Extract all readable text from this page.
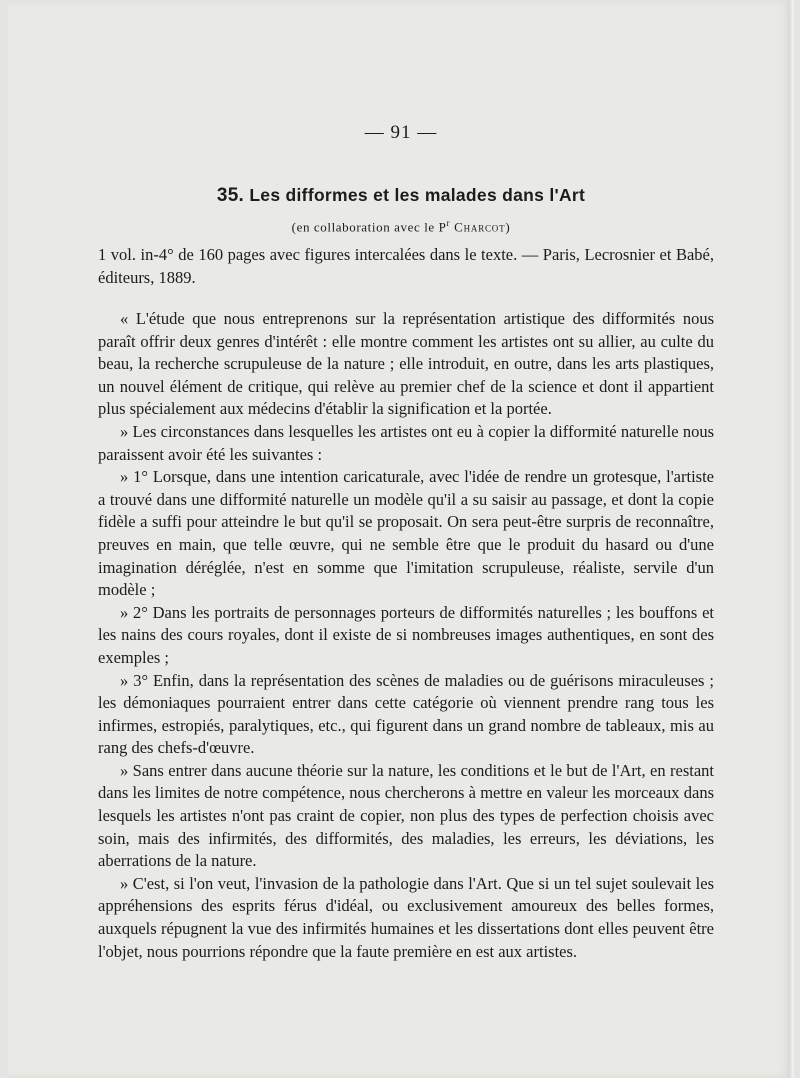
— 91 —
35. Les difformes et les malades dans l'Art
(en collaboration avec le $P^r$ Charcot)

1 vol. in-4° de 160 pages avec figures intercalées dans le texte. — Paris, Lecrosnier et Babé, éditeurs, 1889.

« L'étude que nous entreprenons sur la représentation artistique des difformités nous paraît offrir deux genres d'intérêt : elle montre comment les artistes ont su allier, au culte du beau, la recherche scrupuleuse de la nature ; elle introduit, en outre, dans les arts plastiques, un nouvel élément de critique, qui relève au premier chef de la science et dont il appartient plus spécialement aux médecins d'établir la signification et la portée.

» Les circonstances dans lesquelles les artistes ont eu à copier la difformité naturelle nous paraissent avoir été les suivantes :

» 1° Lorsque, dans une intention caricaturale, avec l'idée de rendre un grotesque, l'artiste a trouvé dans une difformité naturelle un modèle qu'il a su saisir au passage, et dont la copie fidèle a suffi pour atteindre le but qu'il se proposait. On sera peut-être surpris de reconnaître, preuves en main, que telle œuvre, qui ne semble être que le produit du hasard ou d'une imagination déréglée, n'est en somme que l'imitation scrupuleuse, réaliste, servile d'un modèle ;

» 2° Dans les portraits de personnages porteurs de difformités naturelles ; les bouffons et les nains des cours royales, dont il existe de si nombreuses images authentiques, en sont des exemples ;

» 3° Enfin, dans la représentation des scènes de maladies ou de guérisons miraculeuses ; les démoniaques pourraient entrer dans cette catégorie où viennent prendre rang tous les infirmes, estropiés, paralytiques, etc., qui figurent dans un grand nombre de tableaux, mis au rang des chefs-d'œuvre.

» Sans entrer dans aucune théorie sur la nature, les conditions et le but de l'Art, en restant dans les limites de notre compétence, nous chercherons à mettre en valeur les morceaux dans lesquels les artistes n'ont pas craint de copier, non plus des types de perfection choisis avec soin, mais des infirmités, des difformités, des maladies, les erreurs, les déviations, les aberrations de la nature.

» C'est, si l'on veut, l'invasion de la pathologie dans l'Art. Que si un tel sujet soulevait les appréhensions des esprits férus d'idéal, ou exclusivement amoureux des belles formes, auxquels répugnent la vue des infirmités humaines et les dissertations dont elles peuvent être l'objet, nous pourrions répondre que la faute première en est aux artistes.
